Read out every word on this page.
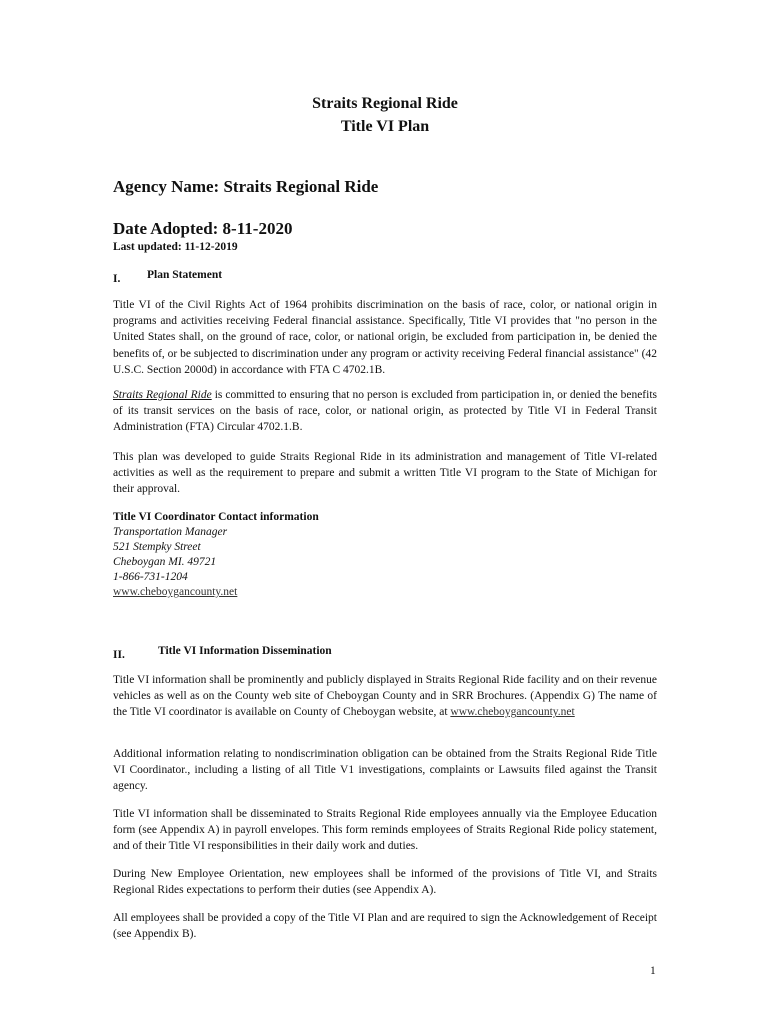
Straits Regional Ride
Title VI Plan
Agency Name: Straits Regional Ride
Date Adopted: 8-11-2020
Last updated: 11-12-2019
I. Plan Statement

Title VI of the Civil Rights Act of 1964 prohibits discrimination on the basis of race, color, or national origin in programs and activities receiving Federal financial assistance. Specifically, Title VI provides that "no person in the United States shall, on the ground of race, color, or national origin, be excluded from participation in, be denied the benefits of, or be subjected to discrimination under any program or activity receiving Federal financial assistance" (42 U.S.C. Section 2000d) in accordance with FTA C 4702.1B.

Straits Regional Ride is committed to ensuring that no person is excluded from participation in, or denied the benefits of its transit services on the basis of race, color, or national origin, as protected by Title VI in Federal Transit Administration (FTA) Circular 4702.1.B.

This plan was developed to guide Straits Regional Ride in its administration and management of Title VI-related activities as well as the requirement to prepare and submit a written Title VI program to the State of Michigan for their approval.

Title VI Coordinator Contact information
Transportation Manager
521 Stempky Street
Cheboygan MI. 49721
1-866-731-1204
www.cheboygancounty.net
II.	Title VI Information Dissemination

Title VI information shall be prominently and publicly displayed in Straits Regional Ride facility and on their revenue vehicles as well as on the County web site of Cheboygan County and in SRR Brochures. (Appendix G) The name of the Title VI coordinator is available on County of Cheboygan website, at www.cheboygancounty.net

Additional information relating to nondiscrimination obligation can be obtained from the Straits Regional Ride Title VI Coordinator., including a listing of all Title V1 investigations, complaints or Lawsuits filed against the Transit agency.

Title VI information shall be disseminated to Straits Regional Ride employees annually via the Employee Education form (see Appendix A) in payroll envelopes. This form reminds employees of Straits Regional Ride policy statement, and of their Title VI responsibilities in their daily work and duties.

During New Employee Orientation, new employees shall be informed of the provisions of Title VI, and Straits Regional Rides expectations to perform their duties (see Appendix A).

All employees shall be provided a copy of the Title VI Plan and are required to sign the Acknowledgement of Receipt (see Appendix B).

1
